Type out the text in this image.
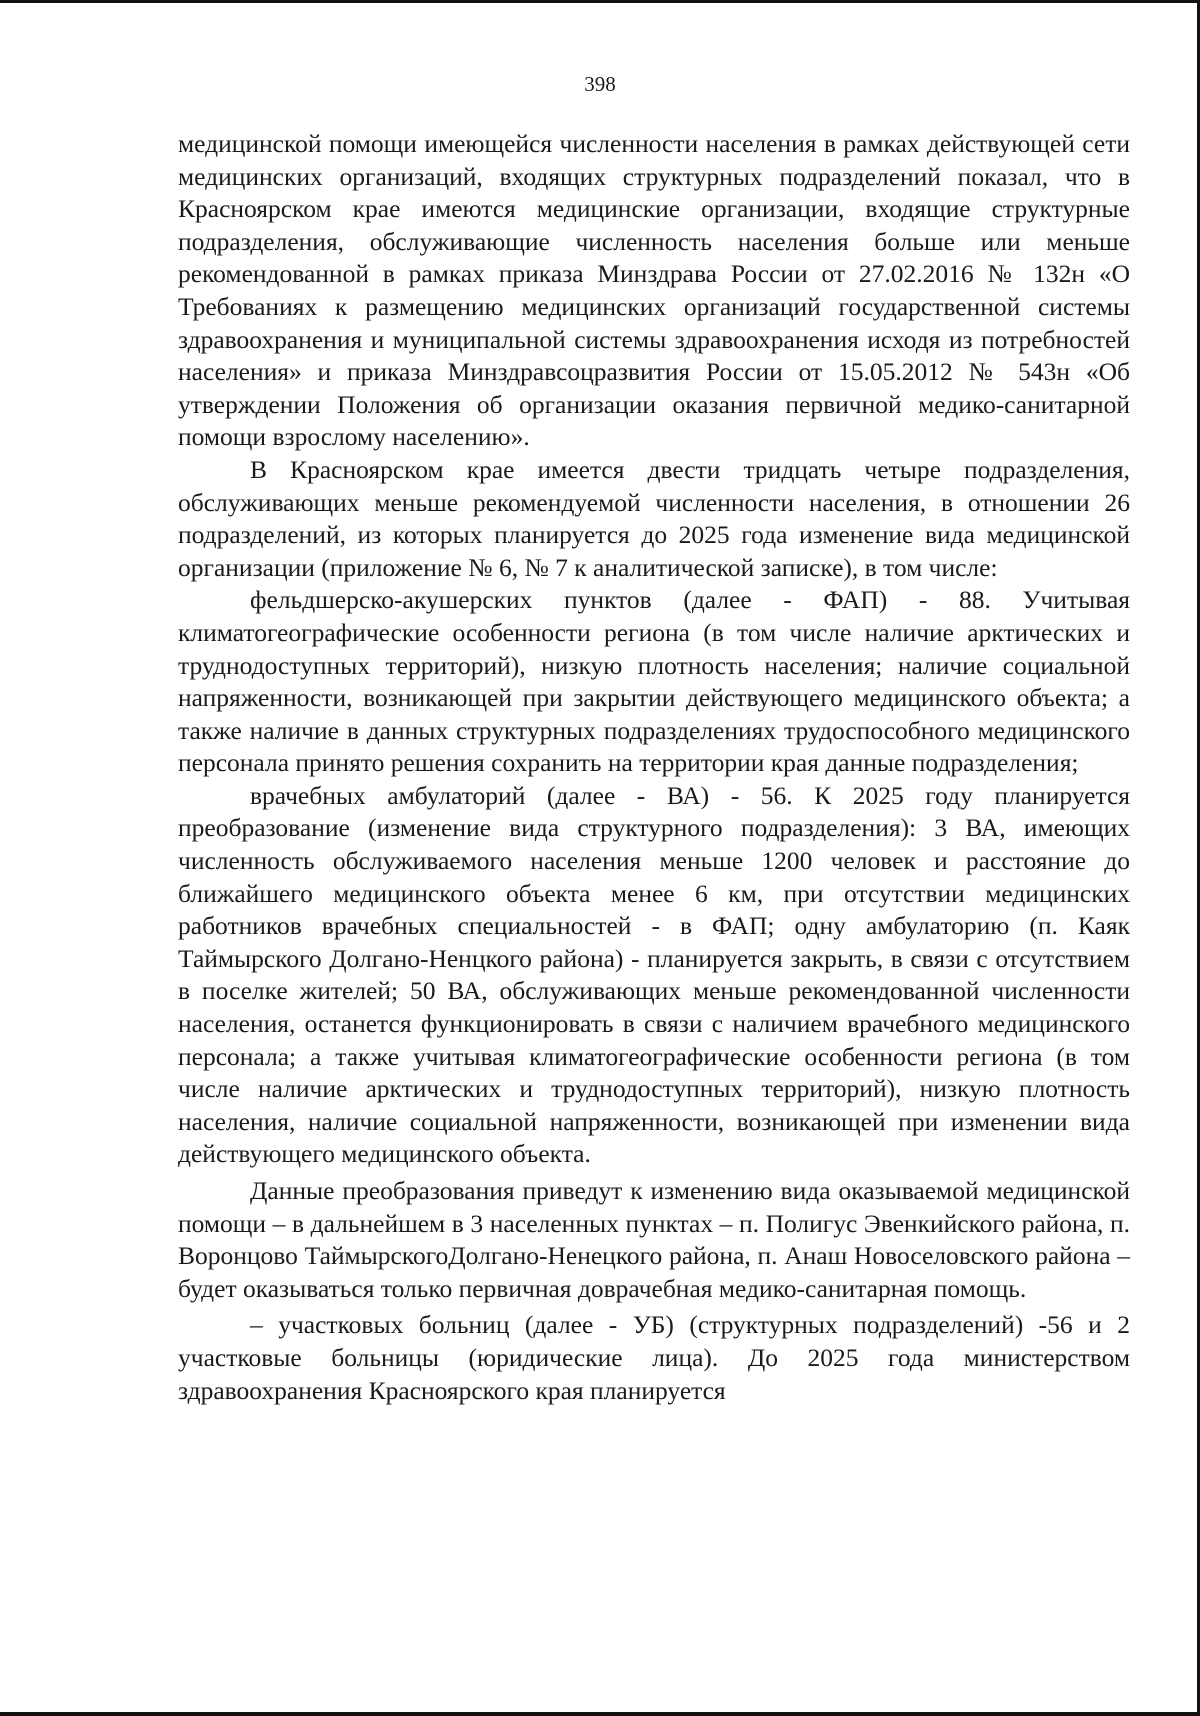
398

медицинской помощи имеющейся численности населения в рамках действующей сети медицинских организаций, входящих структурных подразделений показал, что в Красноярском крае имеются медицинские организации, входящие структурные подразделения, обслуживающие численность населения больше или меньше рекомендованной в рамках приказа Минздрава России от 27.02.2016 № 132н «О Требованиях к размещению медицинских организаций государственной системы здравоохранения и муниципальной системы здравоохранения исходя из потребностей населения» и приказа Минздравсоцразвития России от 15.05.2012 № 543н «Об утверждении Положения об организации оказания первичной медико-санитарной помощи взрослому населению».

В Красноярском крае имеется двести тридцать четыре подразделения, обслуживающих меньше рекомендуемой численности населения, в отношении 26 подразделений, из которых планируется до 2025 года изменение вида медицинской организации (приложение № 6, № 7 к аналитической записке), в том числе:

фельдшерско-акушерских пунктов (далее - ФАП) - 88. Учитывая климатогеографические особенности региона (в том числе наличие арктических и труднодоступных территорий), низкую плотность населения; наличие социальной напряженности, возникающей при закрытии действующего медицинского объекта; а также наличие в данных структурных подразделениях трудоспособного медицинского персонала принято решения сохранить на территории края данные подразделения;

врачебных амбулаторий (далее - ВА) - 56. К 2025 году планируется преобразование (изменение вида структурного подразделения): 3 ВА, имеющих численность обслуживаемого населения меньше 1200 человек и расстояние до ближайшего медицинского объекта менее 6 км, при отсутствии медицинских работников врачебных специальностей - в ФАП; одну амбулаторию (п. Каяк Таймырского Долгано-Ненцкого района) - планируется закрыть, в связи с отсутствием в поселке жителей; 50 ВА, обслуживающих меньше рекомендованной численности населения, останется функционировать в связи с наличием врачебного медицинского персонала; а также учитывая климатогеографические особенности региона (в том числе наличие арктических и труднодоступных территорий), низкую плотность населения, наличие социальной напряженности, возникающей при изменении вида действующего медицинского объекта.

Данные преобразования приведут к изменению вида оказываемой медицинской помощи – в дальнейшем в 3 населенных пунктах – п. Полигус Эвенкийского района, п. Воронцово ТаймырскогоДолгано-Ненецкого района, п. Анаш Новоселовского района – будет оказываться только первичная доврачебная медико-санитарная помощь.

– участковых больниц (далее - УБ) (структурных подразделений) -56 и 2 участковые больницы (юридические лица). До 2025 года министерством здравоохранения Красноярского края планируется
